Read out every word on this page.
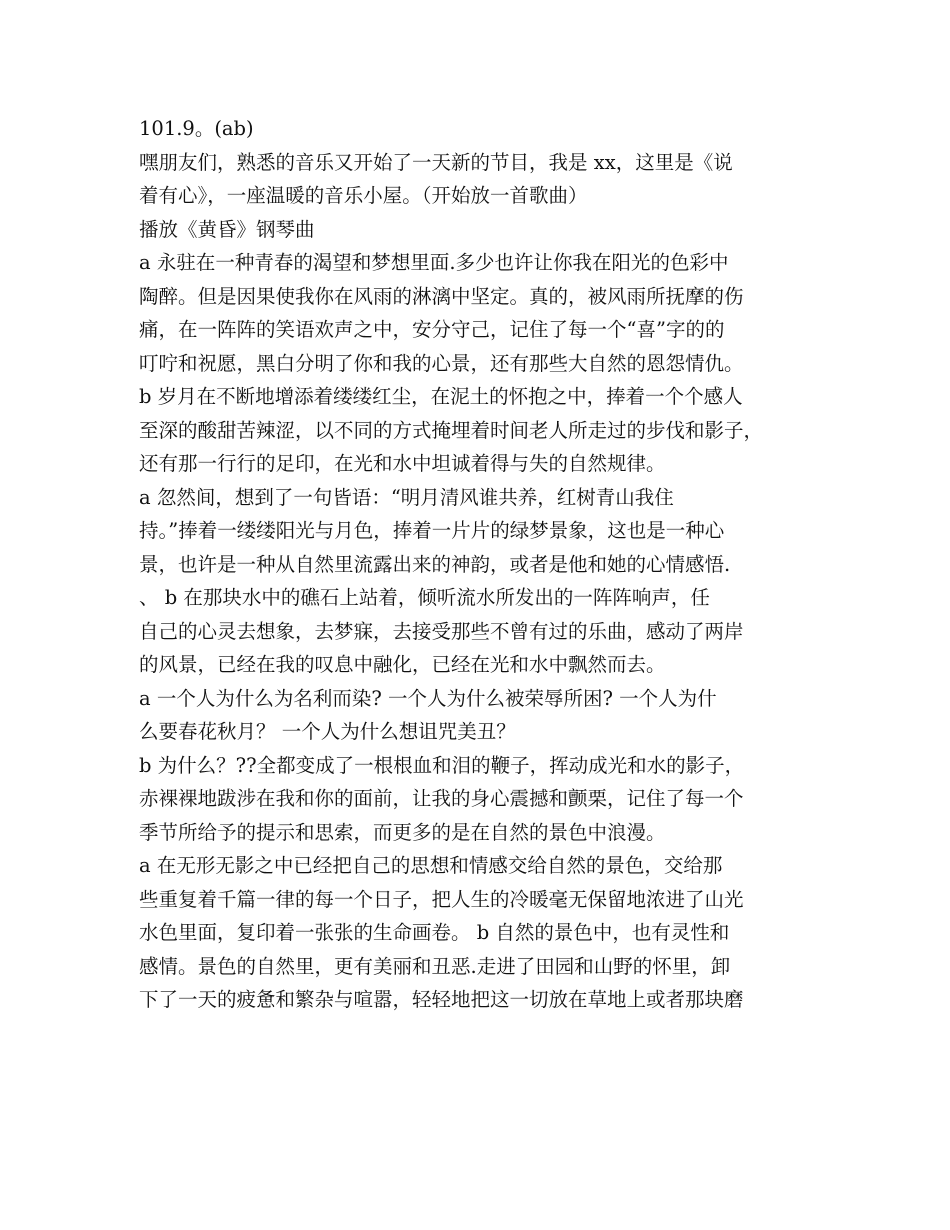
101.9。(ab)
嘿朋友们，熟悉的音乐又开始了一天新的节目，我是 xx，这里是《说
着有心》，一座温暖的音乐小屋。（开始放一首歌曲）
播放《黄昏》钢琴曲
a 永驻在一种青春的渴望和梦想里面.多少也许让你我在阳光的色彩中
陶醉。但是因果使我你在风雨的淋漓中坚定。真的，被风雨所抚摩的伤
痛，在一阵阵的笑语欢声之中，安分守己，记住了每一个“喜”字的的
叮咛和祝愿，黑白分明了你和我的心景，还有那些大自然的恩怨情仇。
b 岁月在不断地增添着缕缕红尘，在泥土的怀抱之中，捧着一个个感人
至深的酸甜苦辣涩，以不同的方式掩埋着时间老人所走过的步伐和影子，
还有那一行行的足印，在光和水中坦诚着得与失的自然规律。
a 忽然间，想到了一句皆语：“明月清风谁共养，红树青山我住
持。”捧着一缕缕阳光与月色，捧着一片片的绿梦景象，这也是一种心
景，也许是一种从自然里流露出来的神韵，或者是他和她的心情感悟.
、 b 在那块水中的礁石上站着，倾听流水所发出的一阵阵响声，任
自己的心灵去想象，去梦寐，去接受那些不曾有过的乐曲，感动了两岸
的风景，已经在我的叹息中融化，已经在光和水中飘然而去。
a 一个人为什么为名利而染? 一个人为什么被荣辱所困? 一个人为什
么要春花秋月？ 一个人为什么想诅咒美丑？
b 为什么？??全都变成了一根根血和泪的鞭子，挥动成光和水的影子，
赤裸裸地跋涉在我和你的面前，让我的身心震撼和颤栗，记住了每一个
季节所给予的提示和思索，而更多的是在自然的景色中浪漫。
a 在无形无影之中已经把自己的思想和情感交给自然的景色，交给那
些重复着千篇一律的每一个日子，把人生的冷暖毫无保留地浓进了山光
水色里面，复印着一张张的生命画卷。 b 自然的景色中，也有灵性和
感情。景色的自然里，更有美丽和丑恶.走进了田园和山野的怀里，卸
下了一天的疲惫和繁杂与喧嚣，轻轻地把这一切放在草地上或者那块磨
